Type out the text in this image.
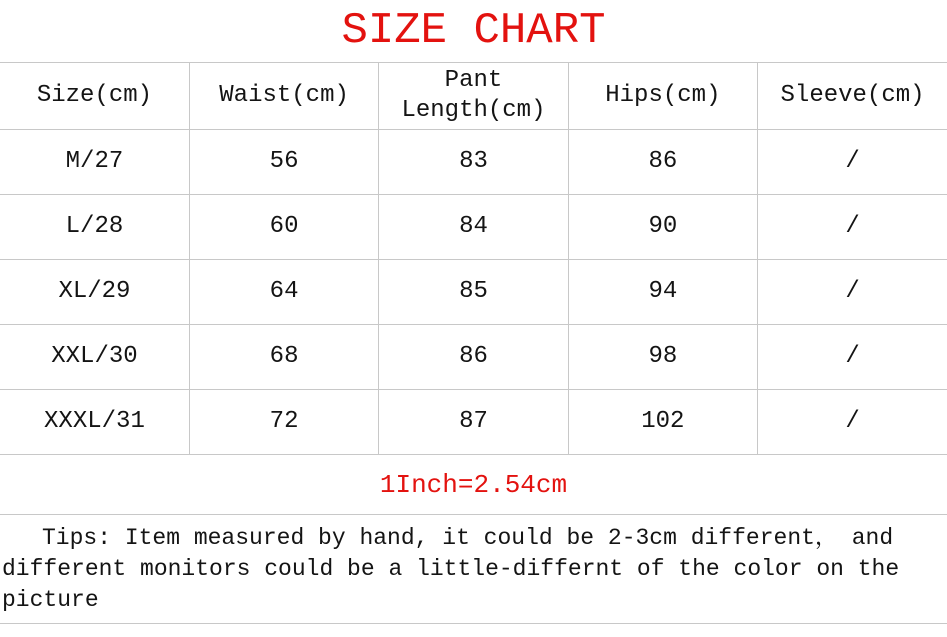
SIZE CHART
Size(cm)	Waist(cm)	Pant Length(cm)	Hips(cm)	Sleeve(cm)
M/27	56	83	86	/
L/28	60	84	90	/
XL/29	64	85	94	/
XXL/30	68	86	98	/
XXXL/31	72	87	102	/
1Inch=2.54cm
Tips: Item measured by hand, it could be 2-3cm different， and different monitors could be a little-differnt of the color on the picture
